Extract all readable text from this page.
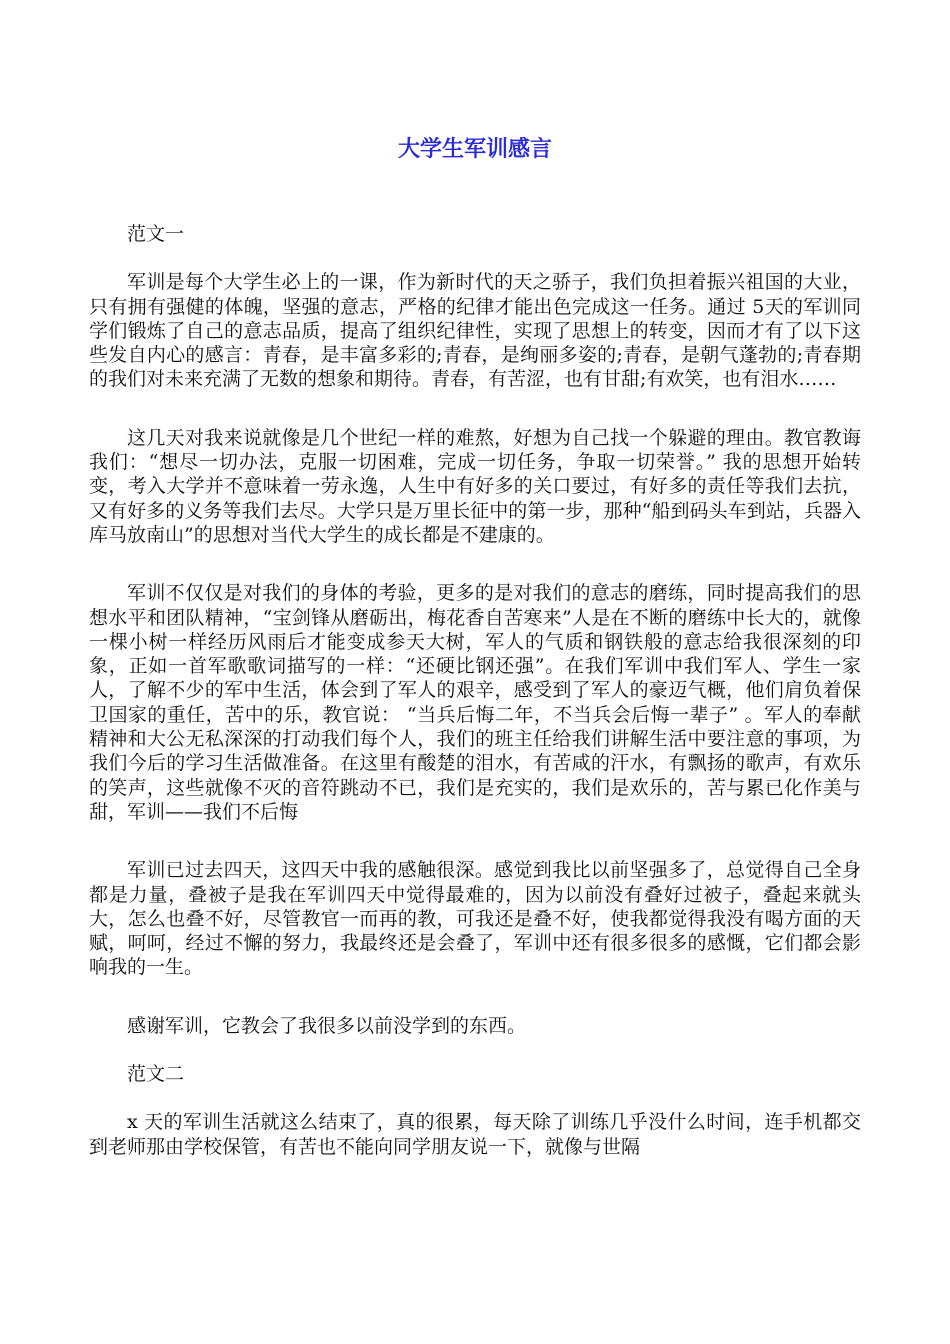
大学生军训感言

范文一

军训是每个大学生必上的一课，作为新时代的天之骄子，我们负担着振兴祖国的大业，只有拥有强健的体魄，坚强的意志，严格的纪律才能出色完成这一任务。通过 5天的军训同学们锻炼了自己的意志品质，提高了组织纪律性，实现了思想上的转变，因而才有了以下这些发自内心的感言：青春，是丰富多彩的;青春，是绚丽多姿的;青春，是朝气蓬勃的;青春期的我们对未来充满了无数的想象和期待。青春，有苦涩，也有甘甜;有欢笑，也有泪水……

这几天对我来说就像是几个世纪一样的难熬，好想为自己找一个躲避的理由。教官教诲我们：“想尽一切办法，克服一切困难，完成一切任务，争取一切荣誉。” 我的思想开始转变，考入大学并不意味着一劳永逸，人生中有好多的关口要过，有好多的责任等我们去抗，又有好多的义务等我们去尽。大学只是万里长征中的第一步，那种“船到码头车到站，兵器入库马放南山”的思想对当代大学生的成长都是不建康的。

军训不仅仅是对我们的身体的考验，更多的是对我们的意志的磨练，同时提高我们的思想水平和团队精神，“宝剑锋从磨砺出，梅花香自苦寒来”人是在不断的磨练中长大的，就像一棵小树一样经历风雨后才能变成参天大树，军人的气质和钢铁般的意志给我很深刻的印象，正如一首军歌歌词描写的一样：“还硬比钢还强”。在我们军训中我们军人、学生一家人，了解不少的军中生活，体会到了军人的艰辛，感受到了军人的豪迈气概，他们肩负着保卫国家的重任，苦中的乐，教官说： “当兵后悔二年，不当兵会后悔一辈子” 。军人的奉献精神和大公无私深深的打动我们每个人，我们的班主任给我们讲解生活中要注意的事项，为我们今后的学习生活做准备。在这里有酸楚的泪水，有苦咸的汗水，有飘扬的歌声，有欢乐的笑声，这些就像不灭的音符跳动不已，我们是充实的，我们是欢乐的，苦与累已化作美与甜，军训——我们不后悔

军训已过去四天，这四天中我的感触很深。感觉到我比以前坚强多了，总觉得自己全身都是力量，叠被子是我在军训四天中觉得最难的，因为以前没有叠好过被子，叠起来就头大，怎么也叠不好，尽管教官一而再的教，可我还是叠不好，使我都觉得我没有喝方面的天赋，呵呵，经过不懈的努力，我最终还是会叠了，军训中还有很多很多的感慨，它们都会影响我的一生。

感谢军训，它教会了我很多以前没学到的东西。

范文二

x 天的军训生活就这么结束了，真的很累，每天除了训练几乎没什么时间，连手机都交到老师那由学校保管，有苦也不能向同学朋友说一下，就像与世隔
